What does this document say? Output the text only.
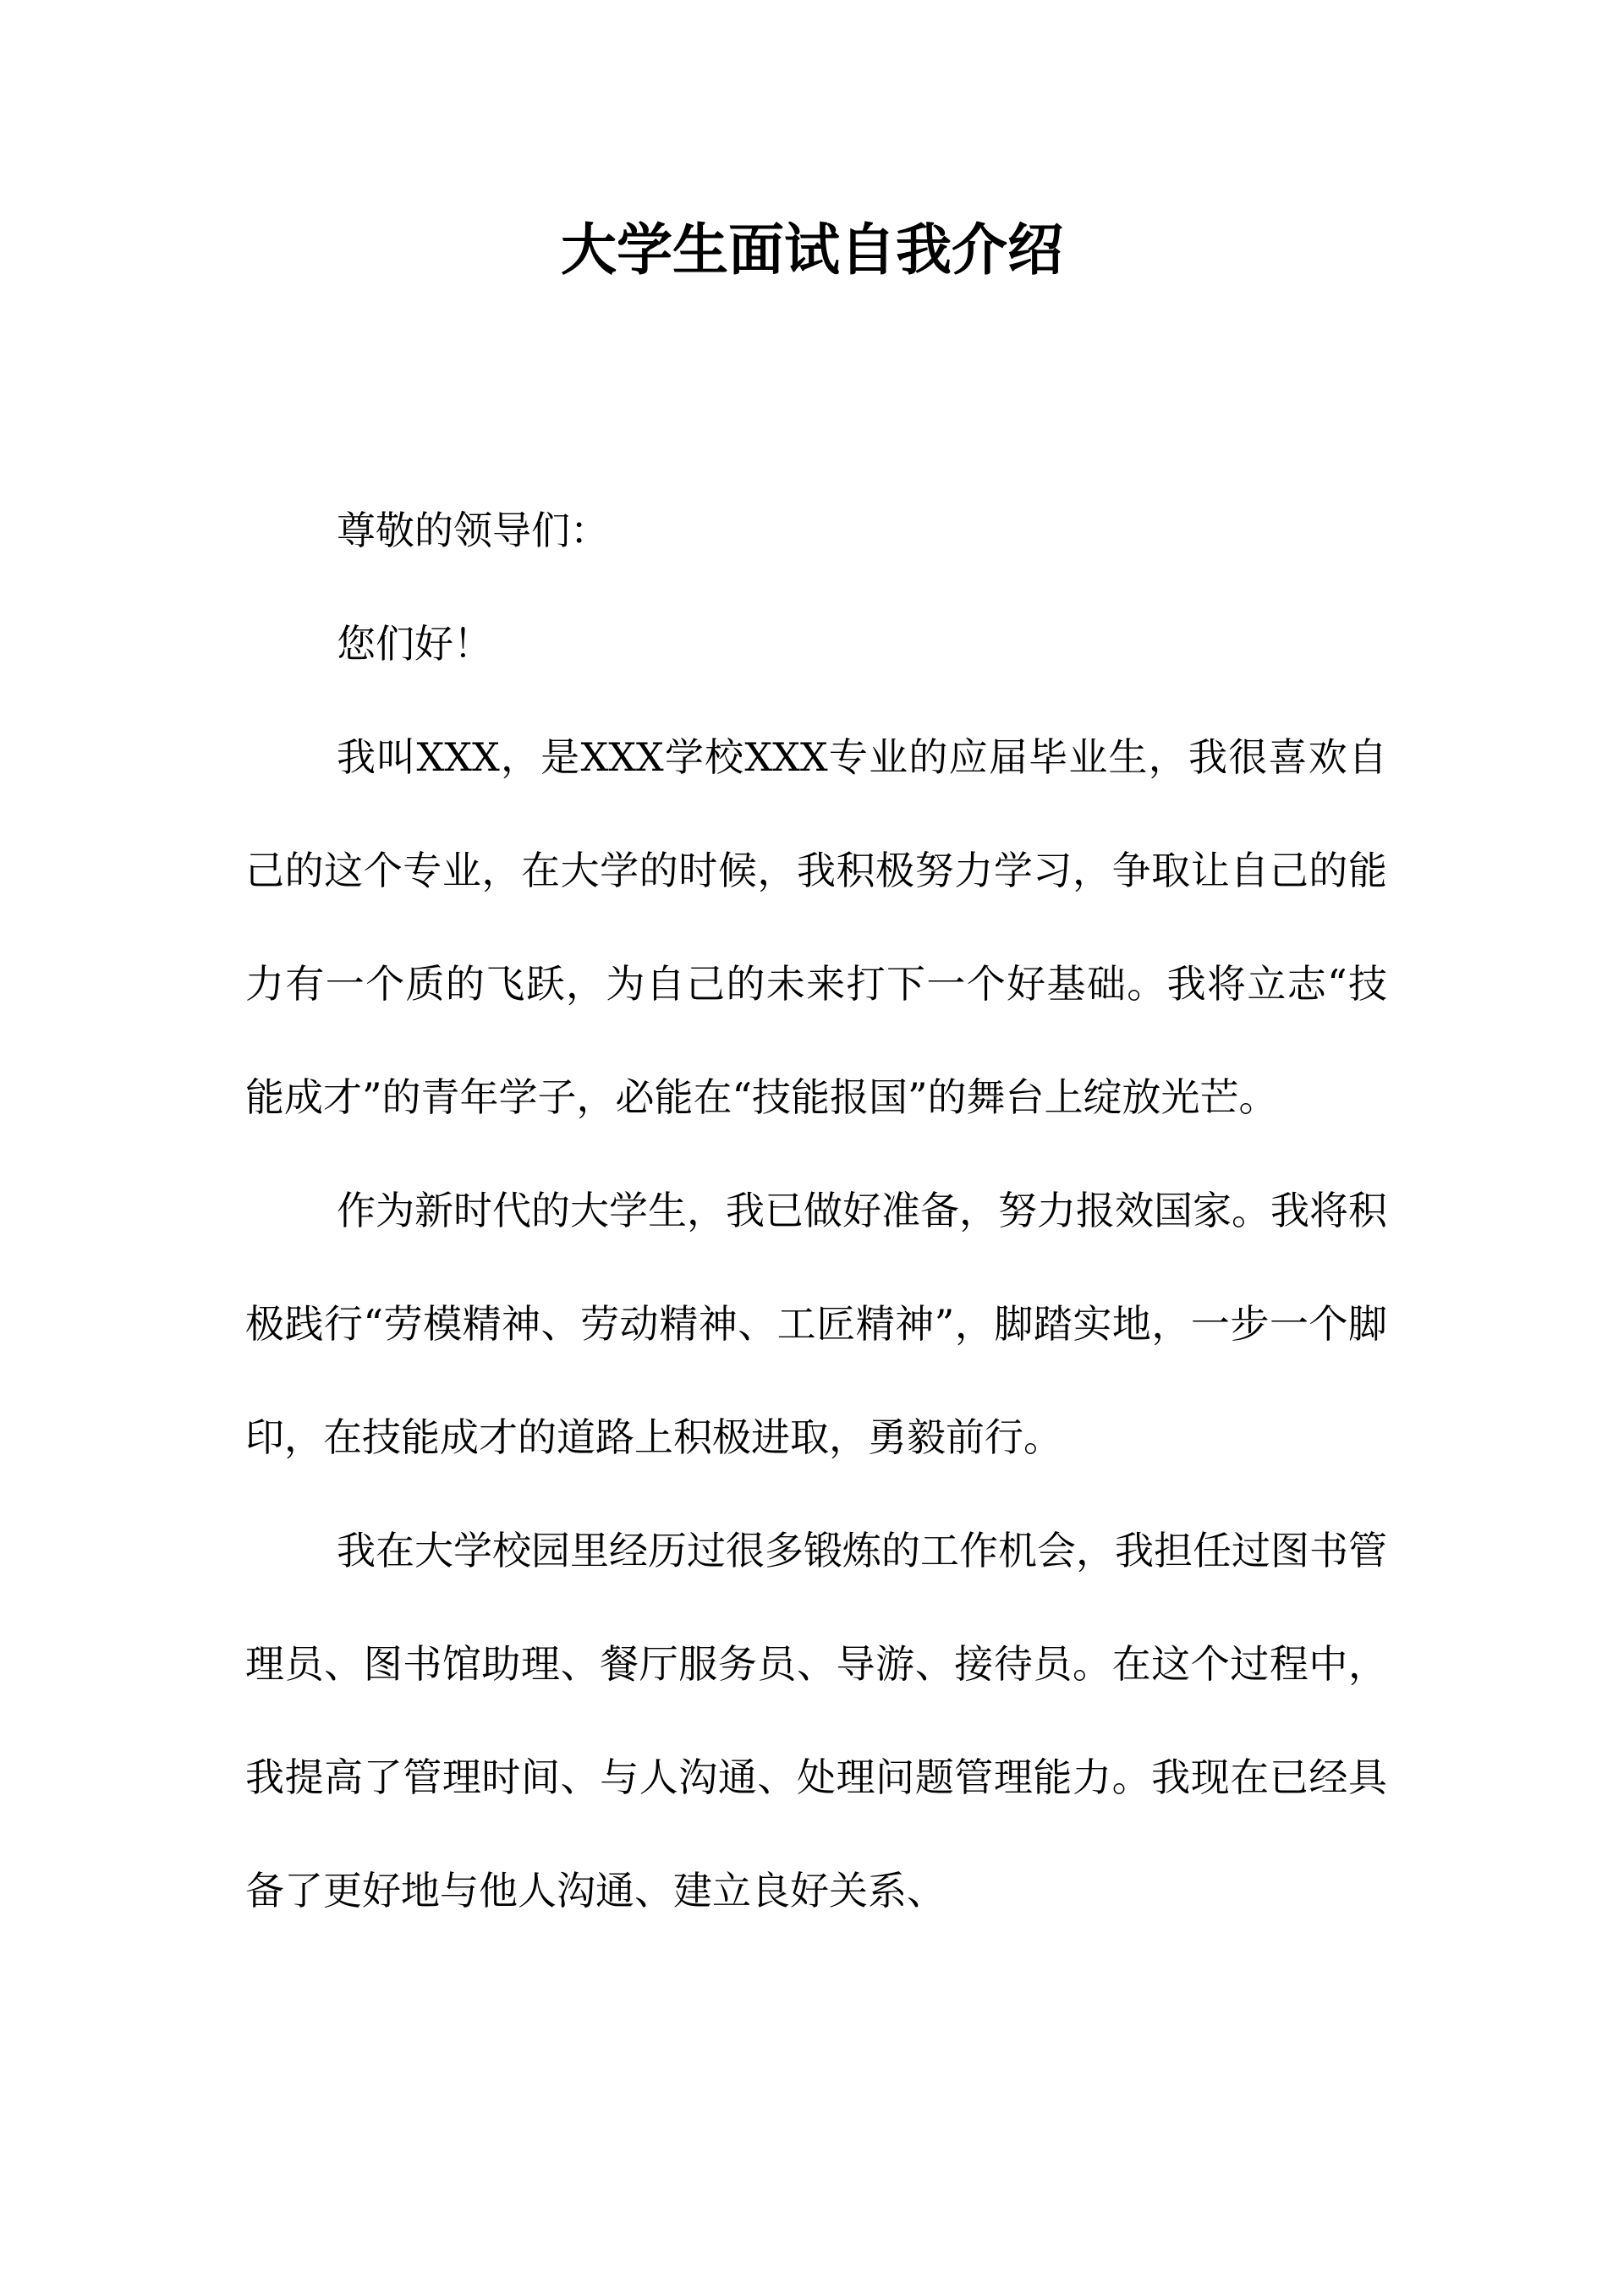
大学生面试自我介绍

尊敬的领导们：

您们好！

我叫XXX，是XXX学校XXX专业的应届毕业生，我很喜欢自己的这个专业，在大学的时候，我积极努力学习，争取让自己的能力有一个质的飞跃，为自己的未来打下一个好基础。我将立志“技能成才”的青年学子，必能在“技能报国”的舞台上绽放光芒。

作为新时代的大学生，我已做好准备，努力报效国家。我将积极践行“劳模精神、劳动精神、工匠精神”，脚踏实地，一步一个脚印，在技能成才的道路上积极进取，勇毅前行。

我在大学校园里经历过很多锻炼的工作机会，我担任过图书管理员、图书馆助理、餐厅服务员、导游、接待员。在这个过程中，我提高了管理时间、与人沟通、处理问题管理能力。我现在已经具备了更好地与他人沟通、建立良好关系、
